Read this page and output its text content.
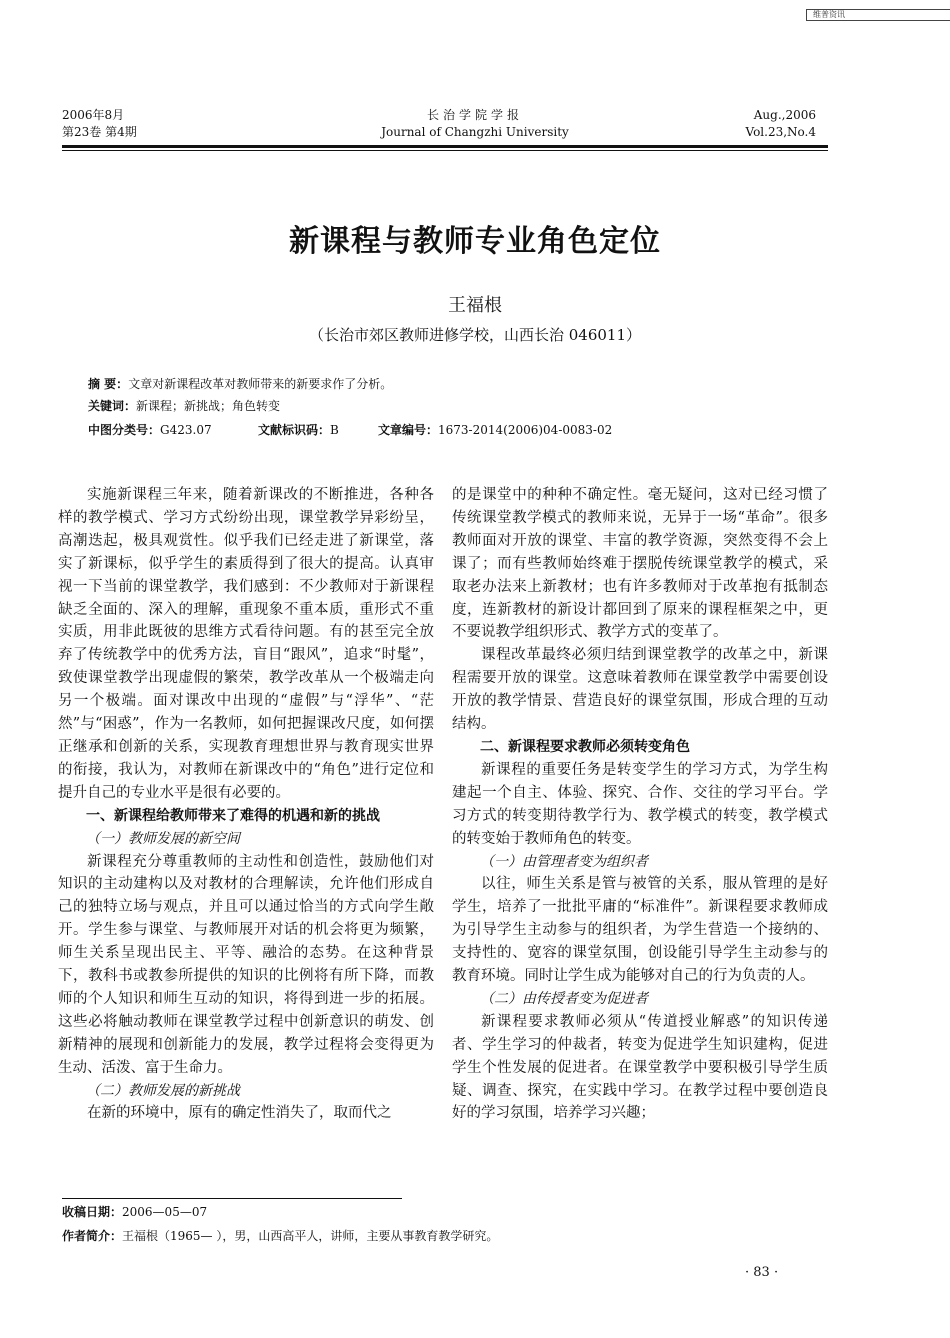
维普资讯
2006年8月
第23卷 第4期
长治学院学报
Journal of Changzhi University
Aug.,2006
Vol.23,No.4
新课程与教师专业角色定位
王福根
（长治市郊区教师进修学校，山西长治 046011）
摘 要：文章对新课程改革对教师带来的新要求作了分析。
关键词：新课程；新挑战；角色转变
中图分类号：G423.07	文献标识码：B	文章编号：1673-2014(2006)04-0083-02

实施新课程三年来，随着新课改的不断推进，各种各样的教学模式、学习方式纷纷出现，课堂教学异彩纷呈，高潮迭起，极具观赏性。似乎我们已经走进了新课堂，落实了新课标，似乎学生的素质得到了很大的提高。认真审视一下当前的课堂教学，我们感到：不少教师对于新课程缺乏全面的、深入的理解，重现象不重本质，重形式不重实质，用非此既彼的思维方式看待问题。有的甚至完全放弃了传统教学中的优秀方法，盲目“跟风”，追求“时髦”，致使课堂教学出现虚假的繁荣，教学改革从一个极端走向另一个极端。面对课改中出现的“虚假”与“浮华”、“茫然”与“困惑”，作为一名教师，如何把握课改尺度，如何摆正继承和创新的关系，实现教育理想世界与教育现实世界的衔接，我认为，对教师在新课改中的“角色”进行定位和提升自己的专业水平是很有必要的。

一、新课程给教师带来了难得的机遇和新的挑战
（一）教师发展的新空间

新课程充分尊重教师的主动性和创造性，鼓励他们对知识的主动建构以及对教材的合理解读，允许他们形成自己的独特立场与观点，并且可以通过恰当的方式向学生敞开。学生参与课堂、与教师展开对话的机会将更为频繁，师生关系呈现出民主、平等、融洽的态势。在这种背景下，教科书或教参所提供的知识的比例将有所下降，而教师的个人知识和师生互动的知识，将得到进一步的拓展。这些必将触动教师在课堂教学过程中创新意识的萌发、创新精神的展现和创新能力的发展，教学过程将会变得更为生动、活泼、富于生命力。

（二）教师发展的新挑战

在新的环境中，原有的确定性消失了，取而代之

的是课堂中的种种不确定性。毫无疑问，这对已经习惯了传统课堂教学模式的教师来说，无异于一场“革命”。很多教师面对开放的课堂、丰富的教学资源，突然变得不会上课了；而有些教师始终难于摆脱传统课堂教学的模式，采取老办法来上新教材；也有许多教师对于改革抱有抵制态度，连新教材的新设计都回到了原来的课程框架之中，更不要说教学组织形式、教学方式的变革了。

课程改革最终必须归结到课堂教学的改革之中，新课程需要开放的课堂。这意味着教师在课堂教学中需要创设开放的教学情景、营造良好的课堂氛围，形成合理的互动结构。

二、新课程要求教师必须转变角色

新课程的重要任务是转变学生的学习方式，为学生构建起一个自主、体验、探究、合作、交往的学习平台。学习方式的转变期待教学行为、教学模式的转变，教学模式的转变始于教师角色的转变。

（一）由管理者变为组织者

以往，师生关系是管与被管的关系，服从管理的是好学生，培养了一批批平庸的“标准件”。新课程要求教师成为引导学生主动参与的组织者，为学生营造一个接纳的、支持性的、宽容的课堂氛围，创设能引导学生主动参与的教育环境。同时让学生成为能够对自己的行为负责的人。

（二）由传授者变为促进者

新课程要求教师必须从“传道授业解惑”的知识传递者、学生学习的仲裁者，转变为促进学生知识建构，促进学生个性发展的促进者。在课堂教学中要积极引导学生质疑、调查、探究，在实践中学习。在教学过程中要创造良好的学习氛围，培养学习兴趣；

收稿日期：2006—05—07
作者简介：王福根（1965— ），男，山西高平人，讲师，主要从事教育教学研究。
· 83 ·
